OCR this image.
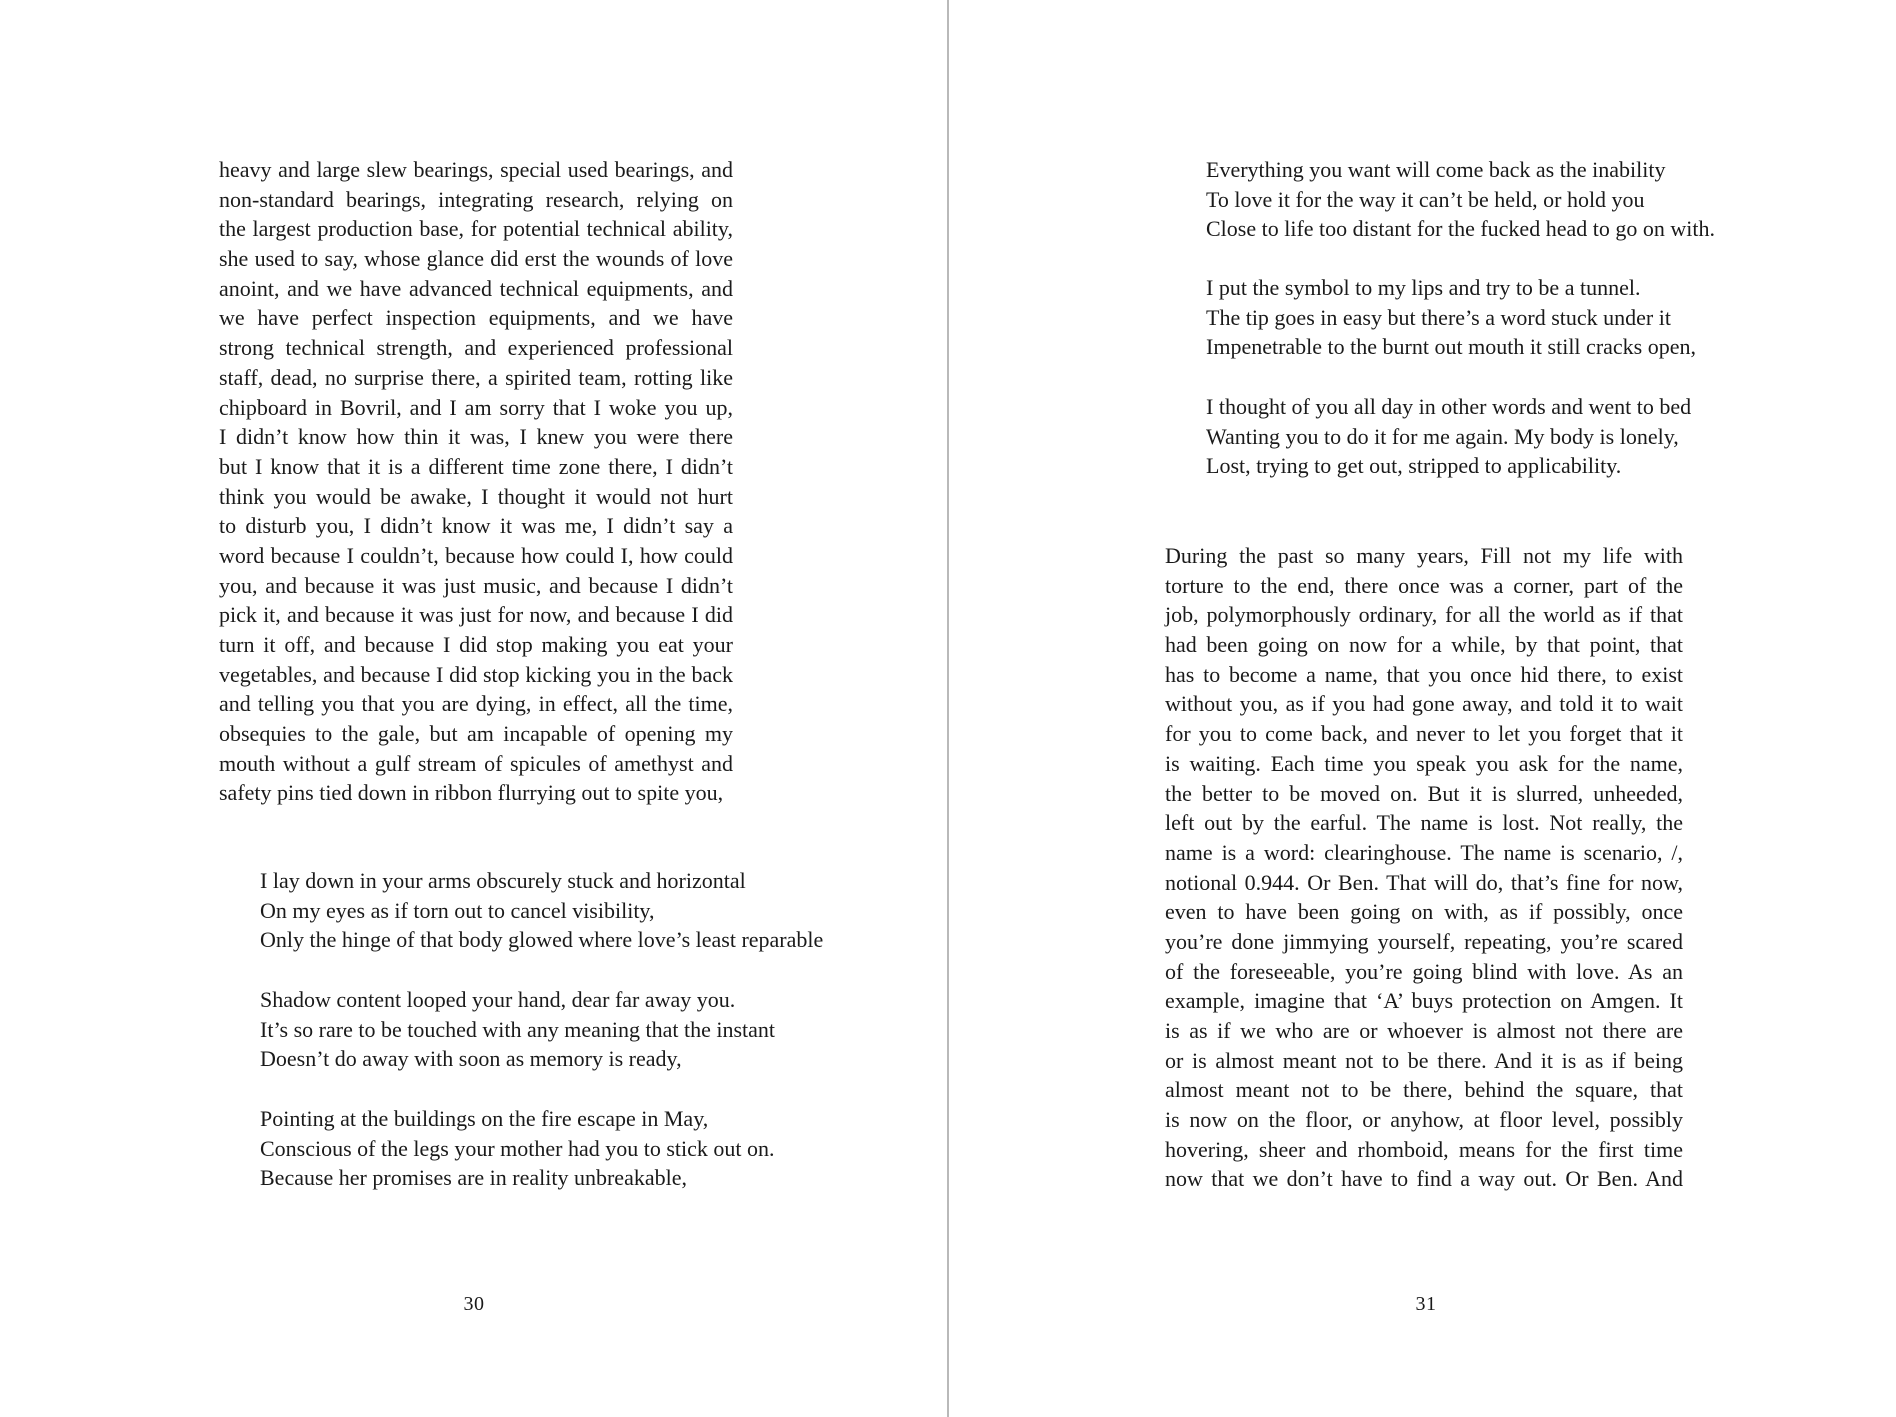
heavy and large slew bearings, special used bearings, and
non-standard bearings, integrating research, relying on
the largest production base, for potential technical ability,
she used to say, whose glance did erst the wounds of love
anoint, and we have advanced technical equipments, and
we have perfect inspection equipments, and we have
strong technical strength, and experienced professional
staff, dead, no surprise there, a spirited team, rotting like
chipboard in Bovril, and I am sorry that I woke you up,
I didn’t know how thin it was, I knew you were there
but I know that it is a different time zone there, I didn’t
think you would be awake, I thought it would not hurt
to disturb you, I didn’t know it was me, I didn’t say a
word because I couldn’t, because how could I, how could
you, and because it was just music, and because I didn’t
pick it, and because it was just for now, and because I did
turn it off, and because I did stop making you eat your
vegetables, and because I did stop kicking you in the back
and telling you that you are dying, in effect, all the time,
obsequies to the gale, but am incapable of opening my
mouth without a gulf stream of spicules of amethyst and
safety pins tied down in ribbon flurrying out to spite you,
I lay down in your arms obscurely stuck and horizontal
On my eyes as if torn out to cancel visibility,
Only the hinge of that body glowed where love’s least reparable
Shadow content looped your hand, dear far away you.
It’s so rare to be touched with any meaning that the instant
Doesn’t do away with soon as memory is ready,
Pointing at the buildings on the fire escape in May,
Conscious of the legs your mother had you to stick out on.
Because her promises are in reality unbreakable,
30
Everything you want will come back as the inability
To love it for the way it can’t be held, or hold you
Close to life too distant for the fucked head to go on with.
I put the symbol to my lips and try to be a tunnel.
The tip goes in easy but there’s a word stuck under it
Impenetrable to the burnt out mouth it still cracks open,
I thought of you all day in other words and went to bed
Wanting you to do it for me again. My body is lonely,
Lost, trying to get out, stripped to applicability.
During the past so many years, Fill not my life with
torture to the end, there once was a corner, part of the
job, polymorphously ordinary, for all the world as if that
had been going on now for a while, by that point, that
has to become a name, that you once hid there, to exist
without you, as if you had gone away, and told it to wait
for you to come back, and never to let you forget that it
is waiting. Each time you speak you ask for the name,
the better to be moved on. But it is slurred, unheeded,
left out by the earful. The name is lost. Not really, the
name is a word: clearinghouse. The name is scenario, /,
notional 0.944. Or Ben. That will do, that’s fine for now,
even to have been going on with, as if possibly, once
you’re done jimmying yourself, repeating, you’re scared
of the foreseeable, you’re going blind with love. As an
example, imagine that ‘A’ buys protection on Amgen. It
is as if we who are or whoever is almost not there are
or is almost meant not to be there. And it is as if being
almost meant not to be there, behind the square, that
is now on the floor, or anyhow, at floor level, possibly
hovering, sheer and rhomboid, means for the first time
now that we don’t have to find a way out. Or Ben. And
31
